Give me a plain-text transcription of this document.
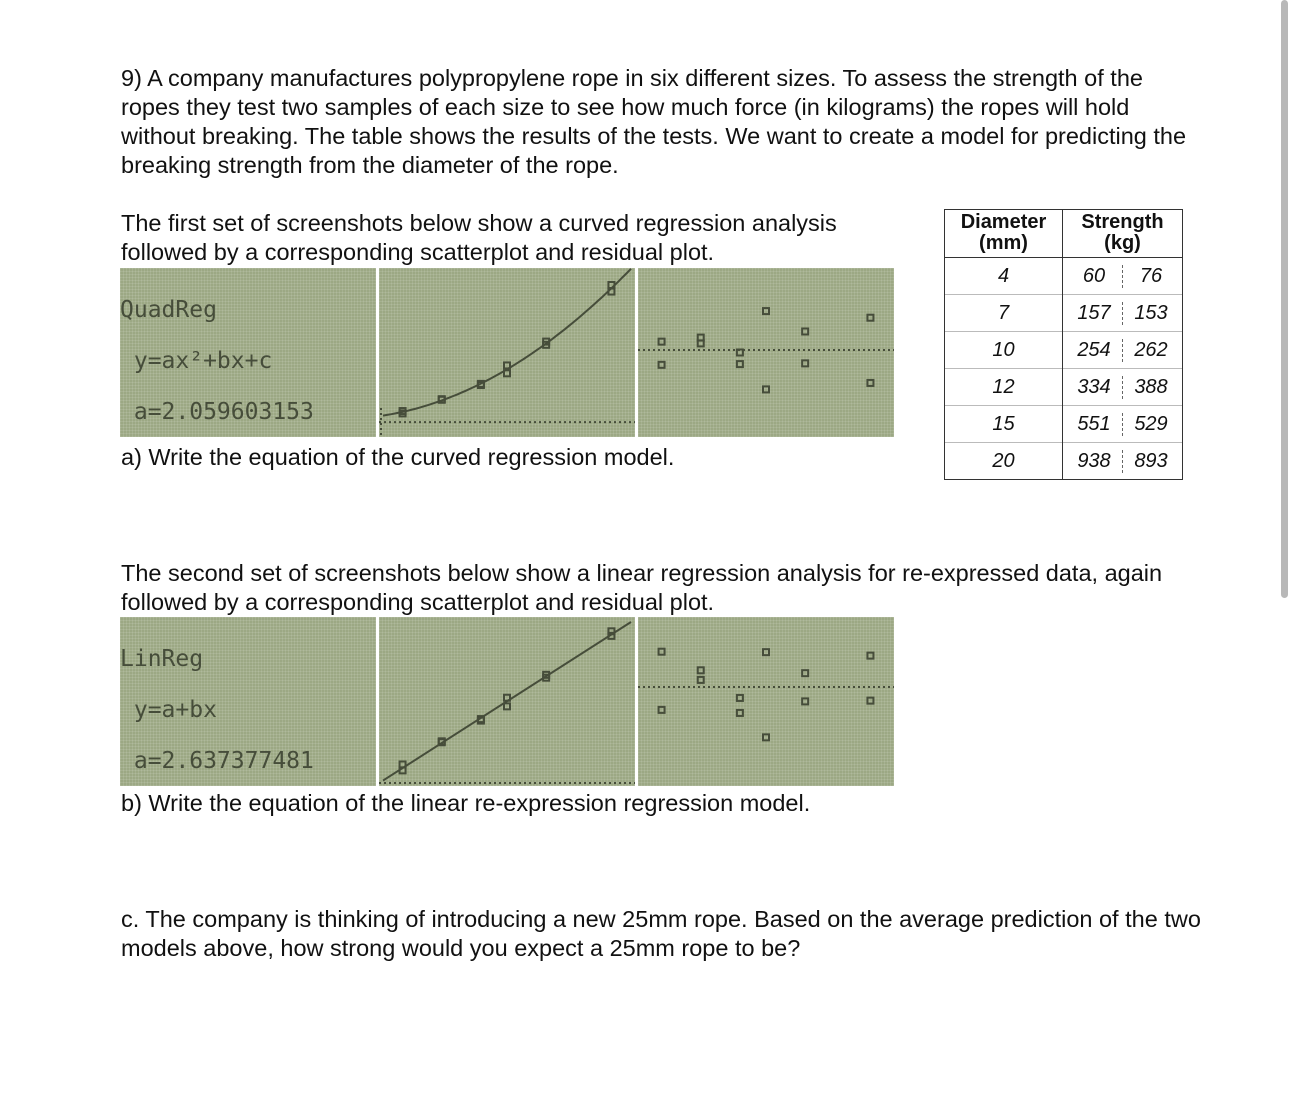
9) A company manufactures polypropylene rope in six different sizes. To assess the strength of the ropes they test two samples of each size to see how much force (in kilograms) the ropes will hold without breaking. The table shows the results of the tests. We want to create a model for predicting the breaking strength from the diameter of the rope.

The first set of screenshots below show a curved regression analysis followed by a corresponding scatterplot and residual plot.

QuadReg

y=ax²+bx+c

a=2.059603153

a) Write the equation of the curved regression model.
Diameter
(mm)	Strength
(kg)
4	60 76

7	157 153

10	254 262

12	334 388

15	551 529

20	938 893

The second set of screenshots below show a linear regression analysis for re-expressed data, again followed by a corresponding scatterplot and residual plot.

LinReg

y=a+bx

a=2.637377481

b) Write the equation of the linear re-expression regression model.

c. The company is thinking of introducing a new 25mm rope. Based on the average prediction of the two models above, how strong would you expect a 25mm rope to be?
